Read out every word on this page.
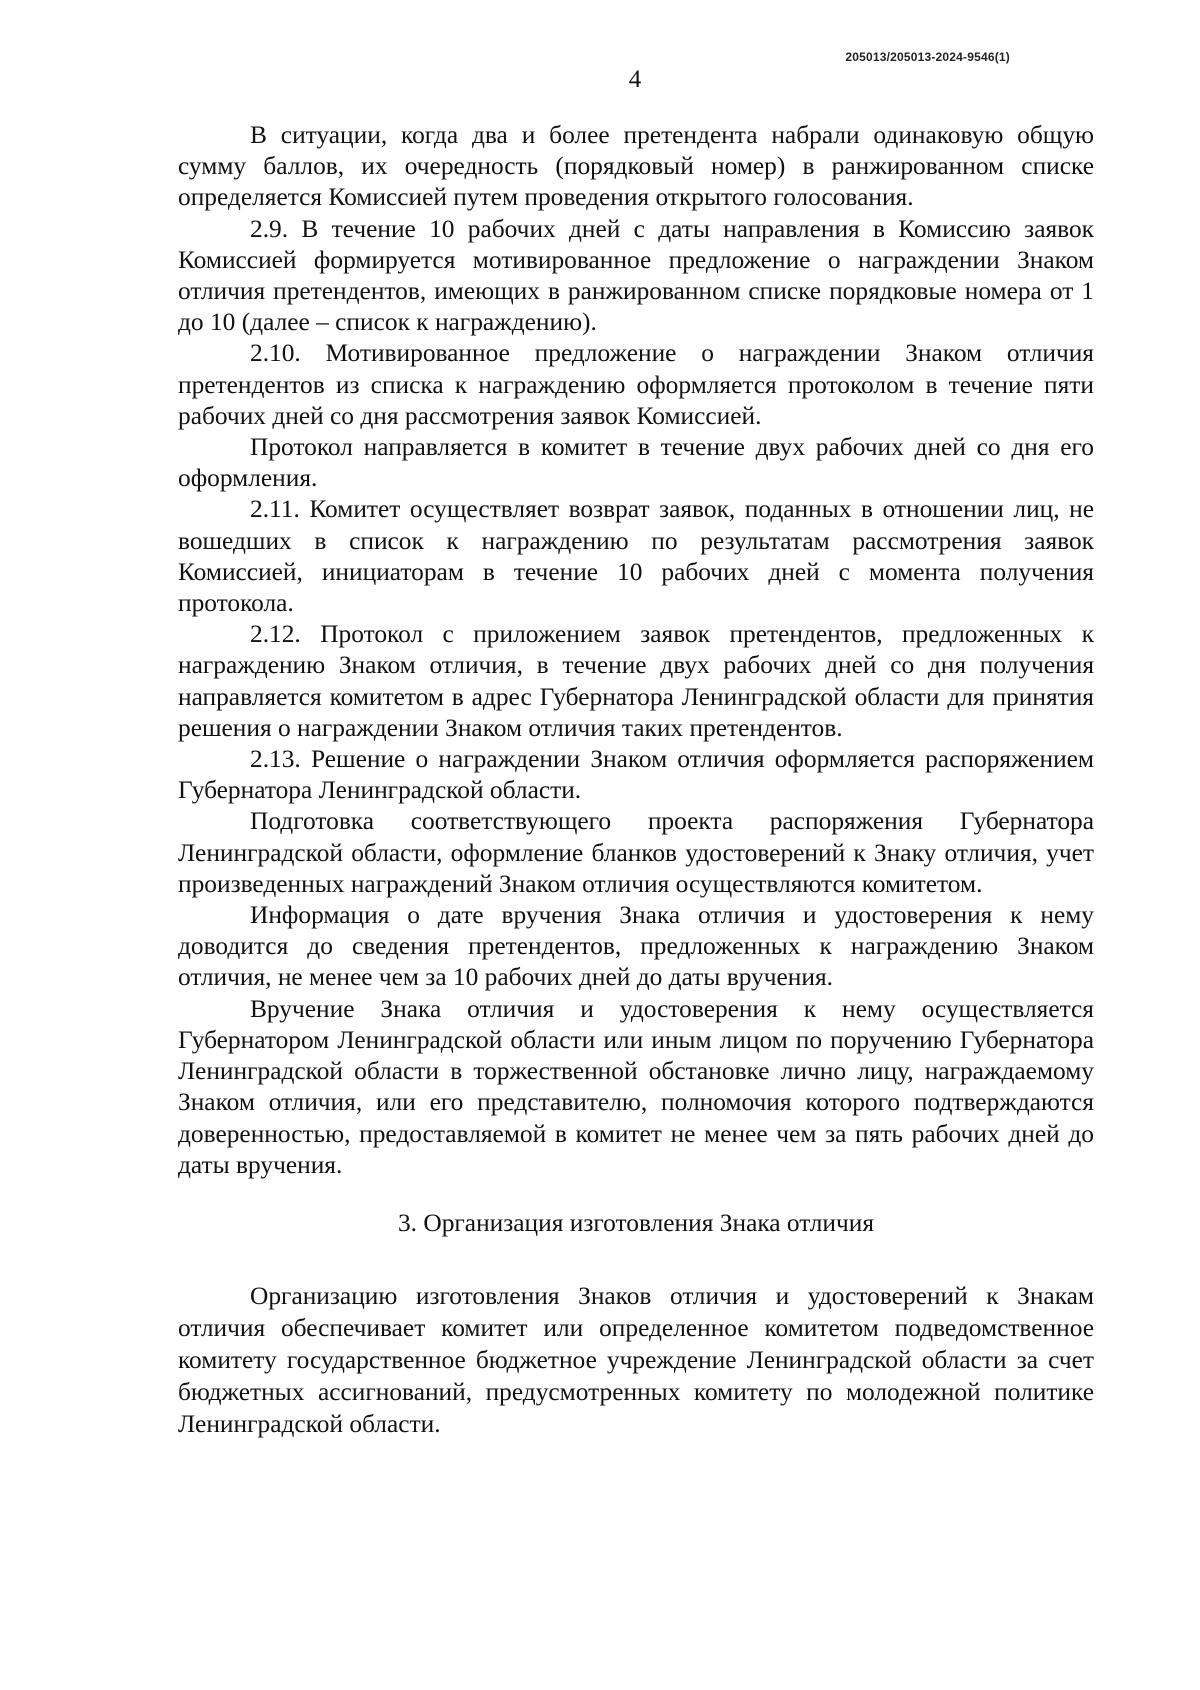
205013/205013-2024-9546(1)
4

В ситуации, когда два и более претендента набрали одинаковую общую сумму баллов, их очередность (порядковый номер) в ранжированном списке определяется Комиссией путем проведения открытого голосования.

2.9. В течение 10 рабочих дней с даты направления в Комиссию заявок Комиссией формируется мотивированное предложение о награждении Знаком отличия претендентов, имеющих в ранжированном списке порядковые номера от 1 до 10 (далее – список к награждению).

2.10. Мотивированное предложение о награждении Знаком отличия претендентов из списка к награждению оформляется протоколом в течение пяти рабочих дней со дня рассмотрения заявок Комиссией.

Протокол направляется в комитет в течение двух рабочих дней со дня его оформления.

2.11. Комитет осуществляет возврат заявок, поданных в отношении лиц, не вошедших в список к награждению по результатам рассмотрения заявок Комиссией, инициаторам в течение 10 рабочих дней с момента получения протокола.

2.12. Протокол с приложением заявок претендентов, предложенных к награждению Знаком отличия, в течение двух рабочих дней со дня получения направляется комитетом в адрес Губернатора Ленинградской области для принятия решения о награждении Знаком отличия таких претендентов.

2.13. Решение о награждении Знаком отличия оформляется распоряжением Губернатора Ленинградской области.

Подготовка соответствующего проекта распоряжения Губернатора Ленинградской области, оформление бланков удостоверений к Знаку отличия, учет произведенных награждений Знаком отличия осуществляются комитетом.

Информация о дате вручения Знака отличия и удостоверения к нему доводится до сведения претендентов, предложенных к награждению Знаком отличия, не менее чем за 10 рабочих дней до даты вручения.

Вручение Знака отличия и удостоверения к нему осуществляется Губернатором Ленинградской области или иным лицом по поручению Губернатора Ленинградской области в торжественной обстановке лично лицу, награждаемому Знаком отличия, или его представителю, полномочия которого подтверждаются доверенностью, предоставляемой в комитет не менее чем за пять рабочих дней до даты вручения.

3. Организация изготовления Знака отличия

Организацию изготовления Знаков отличия и удостоверений к Знакам отличия обеспечивает комитет или определенное комитетом подведомственное комитету государственное бюджетное учреждение Ленинградской области за счет бюджетных ассигнований, предусмотренных комитету по молодежной политике Ленинградской области.
